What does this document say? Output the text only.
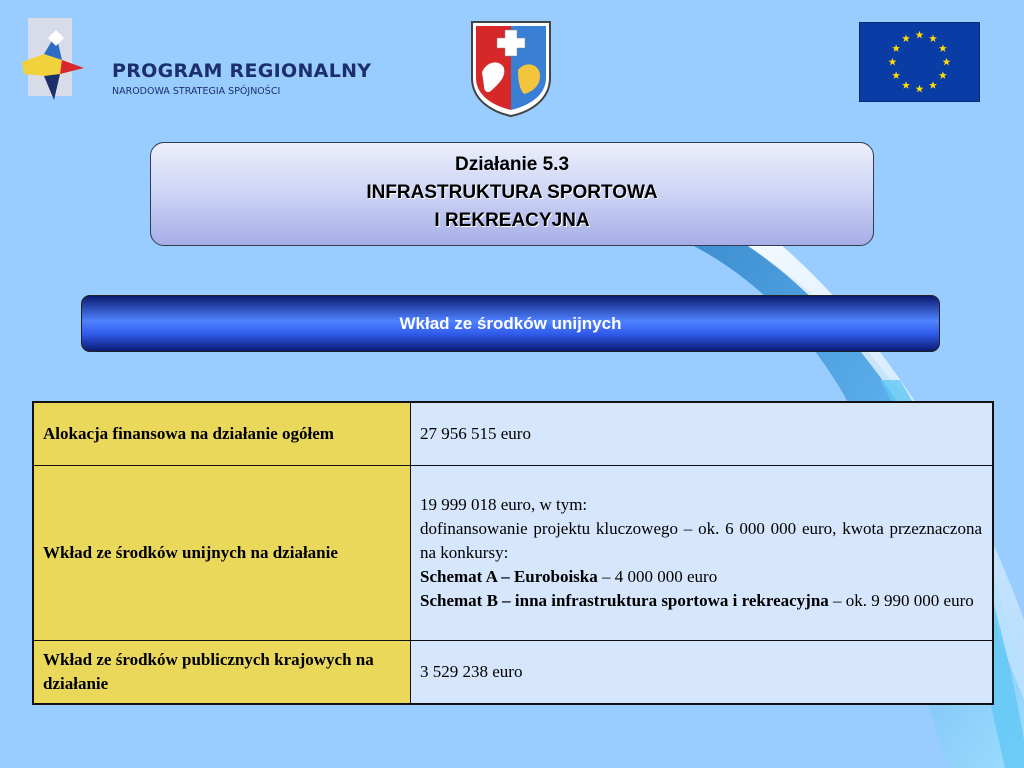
PROGRAM REGIONALNY

NARODOWA STRATEGIA SPÓJNOŚCI

Działanie 5.3
INFRASTRUKTURA SPORTOWA
I REKREACYJNA
Wkład ze środków unijnych
Alokacja finansowa na działanie ogółem	27 956 515 euro
Wkład ze środków unijnych na działanie	19 999 018 euro, w tym:

dofinansowanie projektu kluczowego – ok. 6 000 000 euro, kwota przeznaczona na konkursy:

Schemat A – Euroboiska – 4 000 000 euro

Schemat B – inna infrastruktura sportowa i rekreacyjna – ok. 9 990 000 euro

Wkład ze środków publicznych krajowych na działanie	3 529 238 euro
